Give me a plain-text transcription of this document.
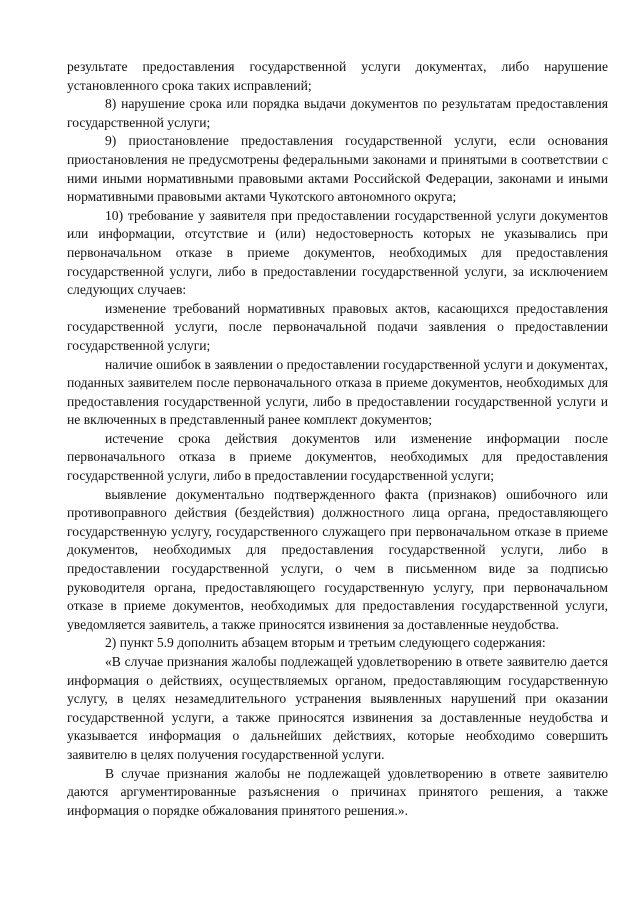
результате предоставления государственной услуги документах, либо нарушение установленного срока таких исправлений;

8) нарушение срока или порядка выдачи документов по результатам предоставления государственной услуги;

9) приостановление предоставления государственной услуги, если основания приостановления не предусмотрены федеральными законами и принятыми в соответствии с ними иными нормативными правовыми актами Российской Федерации, законами и иными нормативными правовыми актами Чукотского автономного округа;

10) требование у заявителя при предоставлении государственной услуги документов или информации, отсутствие и (или) недостоверность которых не указывались при первоначальном отказе в приеме документов, необходимых для предоставления государственной услуги, либо в предоставлении государственной услуги, за исключением следующих случаев:

изменение требований нормативных правовых актов, касающихся предоставления государственной услуги, после первоначальной подачи заявления о предоставлении государственной услуги;

наличие ошибок в заявлении о предоставлении государственной услуги и документах, поданных заявителем после первоначального отказа в приеме документов, необходимых для предоставления государственной услуги, либо в предоставлении государственной услуги и не включенных в представленный ранее комплект документов;

истечение срока действия документов или изменение информации после первоначального отказа в приеме документов, необходимых для предоставления государственной услуги, либо в предоставлении государственной услуги;

выявление документально подтвержденного факта (признаков) ошибочного или противоправного действия (бездействия) должностного лица органа, предоставляющего государственную услугу, государственного служащего при первоначальном отказе в приеме документов, необходимых для предоставления государственной услуги, либо в предоставлении государственной услуги, о чем в письменном виде за подписью руководителя органа, предоставляющего государственную услугу, при первоначальном отказе в приеме документов, необходимых для предоставления государственной услуги, уведомляется заявитель, а также приносятся извинения за доставленные неудобства.

2) пункт 5.9 дополнить абзацем вторым и третьим следующего содержания:

«В случае признания жалобы подлежащей удовлетворению в ответе заявителю дается информация о действиях, осуществляемых органом, предоставляющим государственную услугу, в целях незамедлительного устранения выявленных нарушений при оказании государственной услуги, а также приносятся извинения за доставленные неудобства и указывается информация о дальнейших действиях, которые необходимо совершить заявителю в целях получения государственной услуги.

В случае признания жалобы не подлежащей удовлетворению в ответе заявителю даются аргументированные разъяснения о причинах принятого решения, а также информация о порядке обжалования принятого решения.».
